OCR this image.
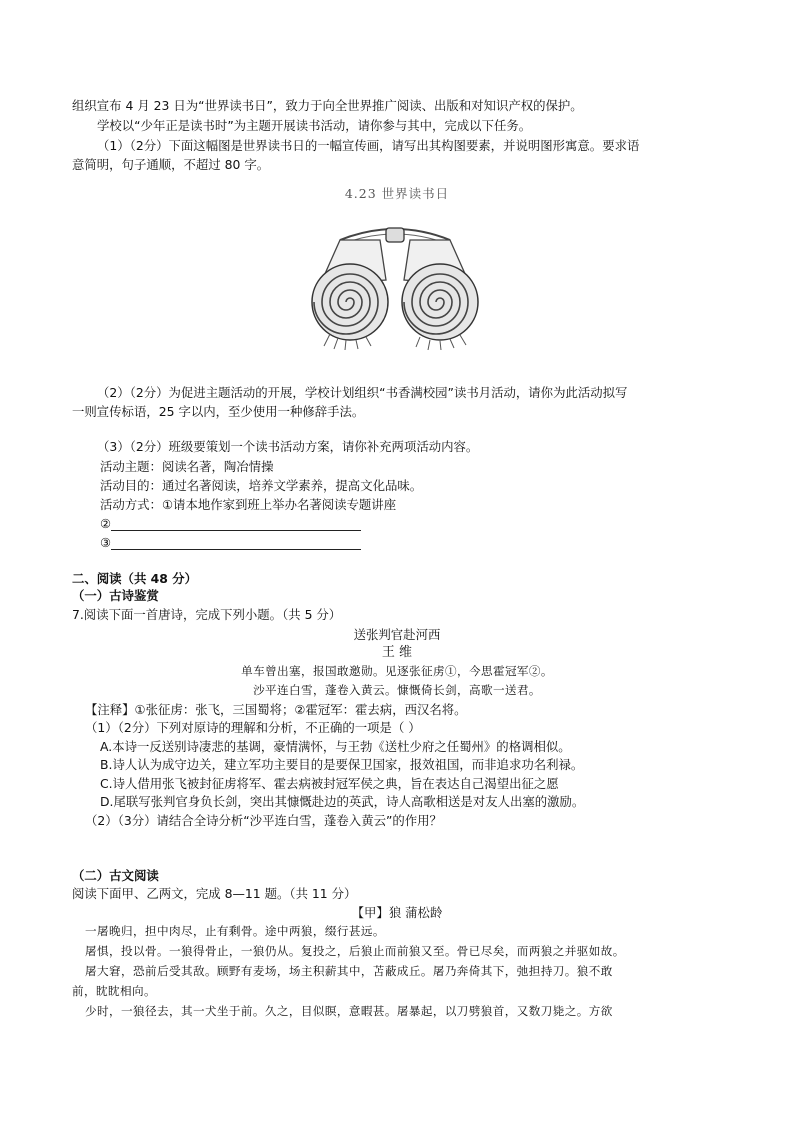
组织宣布 4 月 23 日为“世界读书日”，致力于向全世界推广阅读、出版和对知识产权的保护。
学校以“少年正是读书时”为主题开展读书活动，请你参与其中，完成以下任务。
（1）（2分）下面这幅图是世界读书日的一幅宣传画，请写出其构图要素，并说明图形寓意。要求语
意简明，句子通顺，不超过 80 字。
4.23 世界读书日
（2）（2分）为促进主题活动的开展，学校计划组织“书香满校园”读书月活动，请你为此活动拟写
一则宣传标语，25 字以内，至少使用一种修辞手法。
（3）（2分）班级要策划一个读书活动方案，请你补充两项活动内容。
活动主题：阅读名著，陶冶情操
活动目的：通过名著阅读，培养文学素养，提高文化品味。
活动方式：①请本地作家到班上举办名著阅读专题讲座
②
③
二、阅读（共 48 分）
（一）古诗鉴赏
7.阅读下面一首唐诗，完成下列小题。（共 5 分）
送张判官赴河西
王 维
单车曾出塞，报国敢邀勋。见逐张征虏①，今思霍冠军②。
沙平连白雪，蓬卷入黄云。慷慨倚长剑，高歌一送君。
【注释】①张征虏：张飞，三国蜀将；②霍冠军：霍去病，西汉名将。
（1）（2分）下列对原诗的理解和分析，不正确的一项是（ ）
A.本诗一反送别诗凄悲的基调，豪情满怀，与王勃《送杜少府之任蜀州》的格调相似。
B.诗人认为成守边关，建立军功主要目的是要保卫国家，报效祖国，而非追求功名利禄。
C.诗人借用张飞被封征虏将军、霍去病被封冠军侯之典，旨在表达自己渴望出征之愿
D.尾联写张判官身负长剑，突出其慷慨赴边的英武，诗人高歌相送是对友人出塞的激励。
（2）（3分）请结合全诗分析“沙平连白雪，蓬卷入黄云”的作用？
（二）古文阅读
阅读下面甲、乙两文，完成 8—11 题。（共 11 分）
【甲】狼 蒲松龄
一屠晚归，担中肉尽，止有剩骨。途中两狼，缀行甚远。
屠惧，投以骨。一狼得骨止，一狼仍从。复投之，后狼止而前狼又至。骨已尽矣，而两狼之并驱如故。
屠大窘，恐前后受其敌。顾野有麦场，场主积薪其中，苫蔽成丘。屠乃奔倚其下，弛担持刀。狼不敢
前，眈眈相向。
少时，一狼径去，其一犬坐于前。久之，目似瞑，意暇甚。屠暴起，以刀劈狼首，又数刀毙之。方欲
